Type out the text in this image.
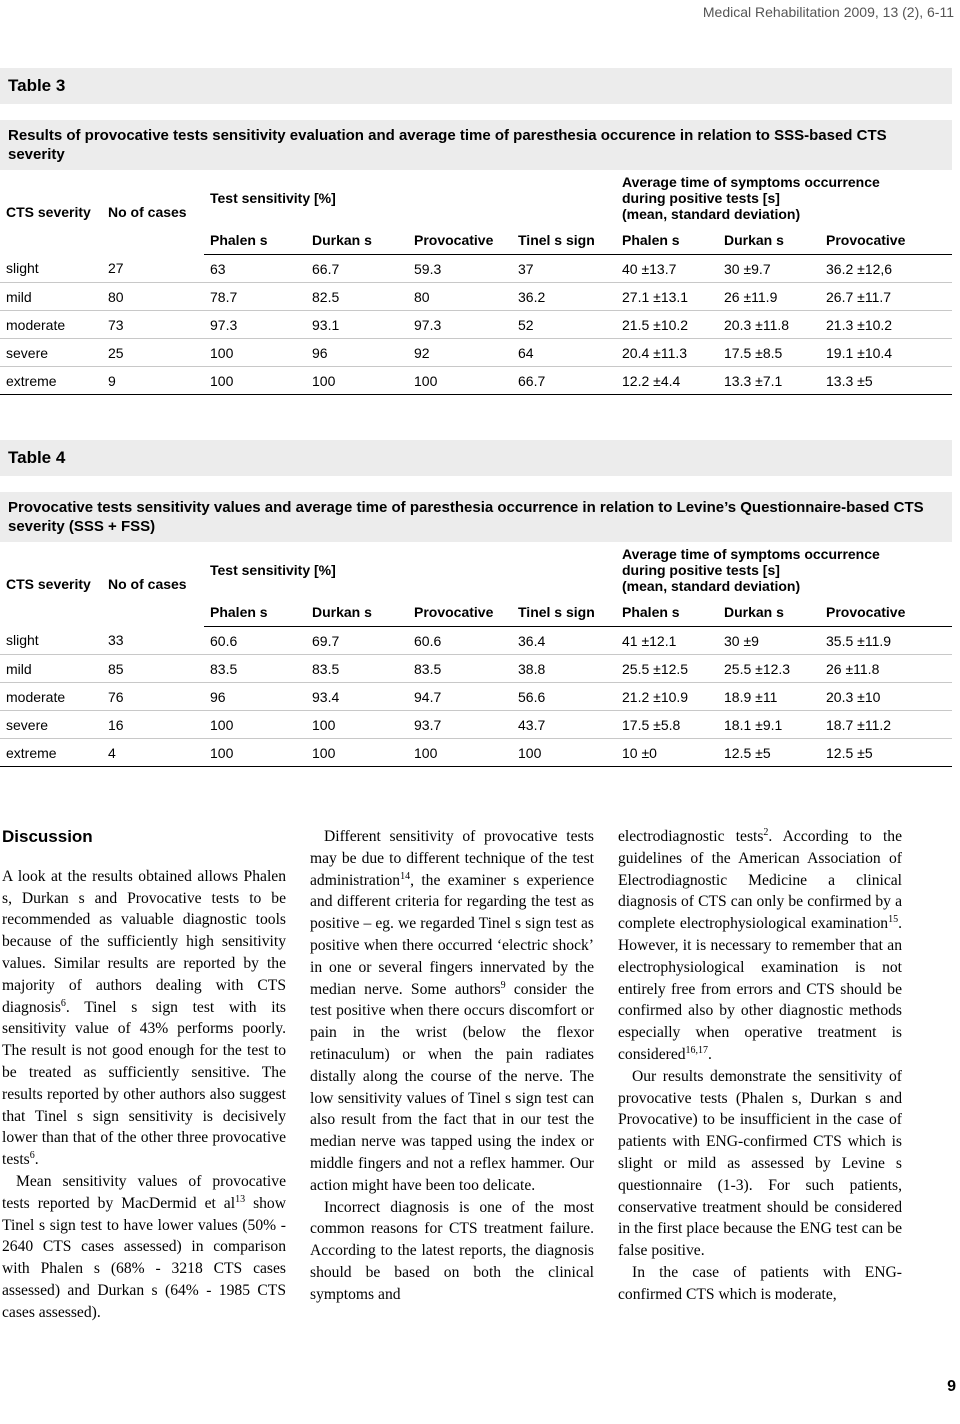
Medical Rehabilitation 2009, 13 (2), 6-11
Table 3
Results of provocative tests sensitivity evaluation and average time of paresthesia occurence in relation to SSS-based CTS severity
CTS severity	No of cases	Test sensitivity [%]				Average time of symptoms occurrence
during positive tests [s]
(mean, standard deviation)		
		Phalen s	Durkan s	Provocative	Tinel s sign	Phalen s	Durkan s	Provocative
slight	27	63	66.7	59.3	37	40 ±13.7	30 ±9.7	36.2 ±12,6
mild	80	78.7	82.5	80	36.2	27.1 ±13.1	26 ±11.9	26.7 ±11.7
moderate	73	97.3	93.1	97.3	52	21.5 ±10.2	20.3 ±11.8	21.3 ±10.2
severe	25	100	96	92	64	20.4 ±11.3	17.5 ±8.5	19.1 ±10.4
extreme	9	100	100	100	66.7	12.2 ±4.4	13.3 ±7.1	13.3 ±5
Table 4
Provocative tests sensitivity values and average time of paresthesia occurrence in relation to Levine’s Questionnaire-based CTS severity (SSS + FSS)
CTS severity	No of cases	Test sensitivity [%]				Average time of symptoms occurrence
during positive tests [s]
(mean, standard deviation)		
		Phalen s	Durkan s	Provocative	Tinel s sign	Phalen s	Durkan s	Provocative
slight	33	60.6	69.7	60.6	36.4	41 ±12.1	30 ±9	35.5 ±11.9
mild	85	83.5	83.5	83.5	38.8	25.5 ±12.5	25.5 ±12.3	26 ±11.8
moderate	76	96	93.4	94.7	56.6	21.2 ±10.9	18.9 ±11	20.3 ±10
severe	16	100	100	93.7	43.7	17.5 ±5.8	18.1 ±9.1	18.7 ±11.2
extreme	4	100	100	100	100	10 ±0	12.5 ±5	12.5 ±5
Discussion

A look at the results obtained allows Phalen s, Durkan s and Provocative tests to be recommended as valuable diagnostic tools because of the sufficiently high sensitivity values. Similar results are reported by the majority of authors dealing with CTS diagnosis$^6$. Tinel s sign test with its sensitivity value of 43% performs poorly. The result is not good enough for the test to be treated as sufficiently sensitive. The results reported by other authors also suggest that Tinel s sign sensitivity is decisively lower than that of the other three provocative tests$^6$.

Mean sensitivity values of provocative tests reported by MacDermid et $al^{13}$ show Tinel s sign test to have lower values (50% - 2640 CTS cases assessed) in comparison with Phalen s (68% - 3218 CTS cases assessed) and Durkan s (64% - 1985 CTS cases assessed).

Different sensitivity of provocative tests may be due to different technique of the test administration$^{14}$, the examiner s experience and different criteria for regarding the test as positive – eg. we regarded Tinel s sign test as positive when there occurred ‘electric shock’ in one or several fingers innervated by the median nerve. Some authors$^9$ consider the test positive when there occurs discomfort or pain in the wrist (below the flexor retinaculum) or when the pain radiates distally along the course of the nerve. The low sensitivity values of Tinel s sign test can also result from the fact that in our test the median nerve was tapped using the index or middle fingers and not a reflex hammer. Our action might have been too delicate.

Incorrect diagnosis is one of the most common reasons for CTS treatment failure. According to the latest reports, the diagnosis should be based on both the clinical symptoms and

electrodiagnostic tests$^2$. According to the guidelines of the American Association of Electrodiagnostic Medicine a clinical diagnosis of CTS can only be confirmed by a complete electrophysiological examination$^{15}$. However, it is necessary to remember that an electrophysiological examination is not entirely free from errors and CTS should be confirmed also by other diagnostic methods especially when operative treatment is considered$^{16,17}$.

Our results demonstrate the sensitivity of provocative tests (Phalen s, Durkan s and Provocative) to be insufficient in the case of patients with ENG-confirmed CTS which is slight or mild as assessed by Levine s questionnaire (1-3). For such patients, conservative treatment should be considered in the first place because the ENG test can be false positive.

In the case of patients with ENG-confirmed CTS which is moderate,

9
